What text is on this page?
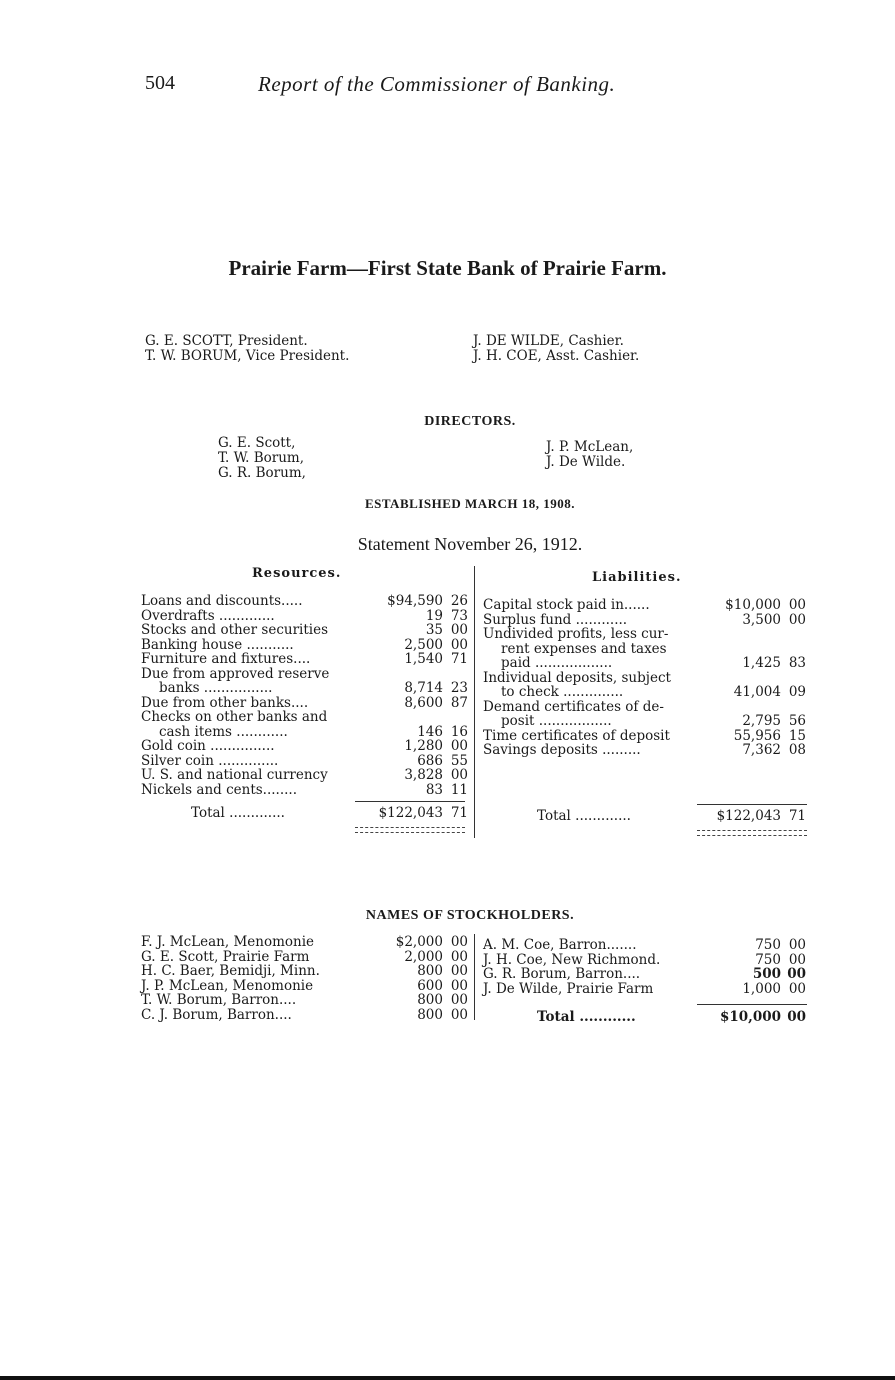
504	Report of the Commissioner of Banking.
Prairie Farm—First State Bank of Prairie Farm.
G. E. SCOTT, President.
T. W. BORUM, Vice President.
J. DE WILDE, Cashier.
J. H. COE, Asst. Cashier.
DIRECTORS.
G. E. Scott,
T. W. Borum,
G. R. Borum,
J. P. McLean,
J. De Wilde.
ESTABLISHED MARCH 18, 1908.
Statement November 26, 1912.
Resources.	Liabilities.
Loans and discounts.....	$94,590 26
Overdrafts .............	19 73
Stocks and other securities	35 00
Banking house ...........	2,500 00
Furniture and fixtures....	1,540 71
Due from approved reserve
banks ................	8,714 23
Due from other banks....	8,600 87
Checks on other banks and
cash items ............	146 16
Gold coin ...............	1,280 00
Silver coin ..............	686 55
U. S. and national currency	3,828 00
Nickels and cents........	83 11
Total .............	$122,043 71
Capital stock paid in......	$10,000 00
Surplus fund ............	3,500 00
Undivided profits, less cur-
rent expenses and taxes
paid ..................	1,425 83
Individual deposits, subject
to check ..............	41,004 09
Demand certificates of de-
posit .................	2,795 56
Time certificates of deposit	55,956 15
Savings deposits .........	7,362 08
Total .............	$122,043 71
NAMES OF STOCKHOLDERS.
F. J. McLean, Menomonie	$2,000 00
G. E. Scott, Prairie Farm	2,000 00
H. C. Baer, Bemidji, Minn.	800 00
J. P. McLean, Menomonie	600 00
T. W. Borum, Barron....	800 00
C. J. Borum, Barron....	800 00
A. M. Coe, Barron.......	750 00
J. H. Coe, New Richmond.	750 00
G. R. Borum, Barron....	500 00
J. De Wilde, Prairie Farm	1,000 00
Total ............	$10,000 00
